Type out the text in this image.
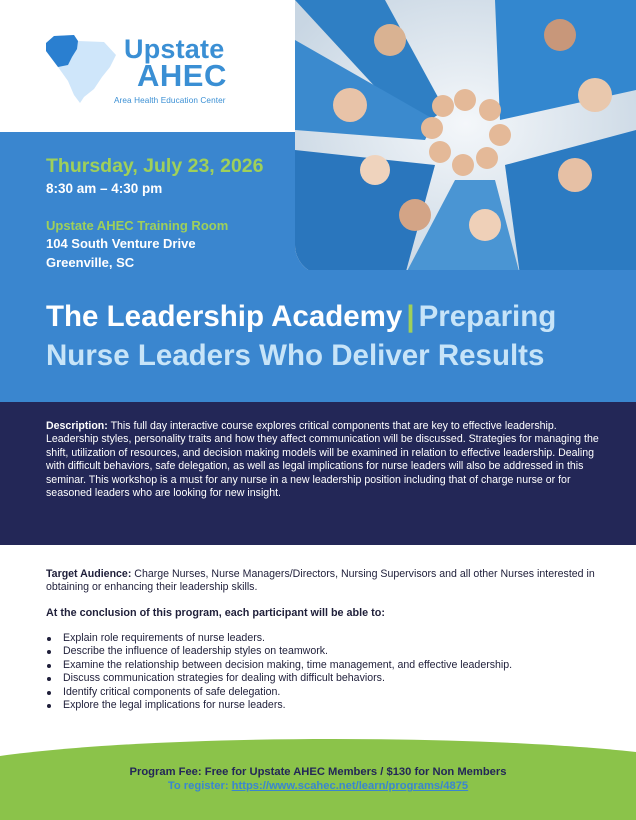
Upstate
AHEC
Area Health Education Center
Thursday, July 23, 2026
8:30 am – 4:30 pm
Upstate AHEC Training Room
104 South Venture Drive
Greenville, SC
The Leadership Academy | Preparing
Nurse Leaders Who Deliver Results

Description: This full day interactive course explores critical components that are key to effective leadership. Leadership styles, personality traits and how they affect communication will be discussed. Strategies for managing the shift, utilization of resources, and decision making models will be examined in relation to effective leadership. Dealing with difficult behaviors, safe delegation, as well as legal implications for nurse leaders will also be addressed in this seminar. This workshop is a must for any nurse in a new leadership position including that of charge nurse or for seasoned leaders who are looking for new insight.

Target Audience: Charge Nurses, Nurse Managers/Directors, Nursing Supervisors and all other Nurses interested in obtaining or enhancing their leadership skills.

At the conclusion of this program, each participant will be able to:
Explain role requirements of nurse leaders.
Describe the influence of leadership styles on teamwork.
Examine the relationship between decision making, time management, and effective leadership.
Discuss communication strategies for dealing with difficult behaviors.
Identify critical components of safe delegation.
Explore the legal implications for nurse leaders.
Program Fee: Free for Upstate AHEC Members / $130 for Non Members
To register: https://www.scahec.net/learn/programs/4875
